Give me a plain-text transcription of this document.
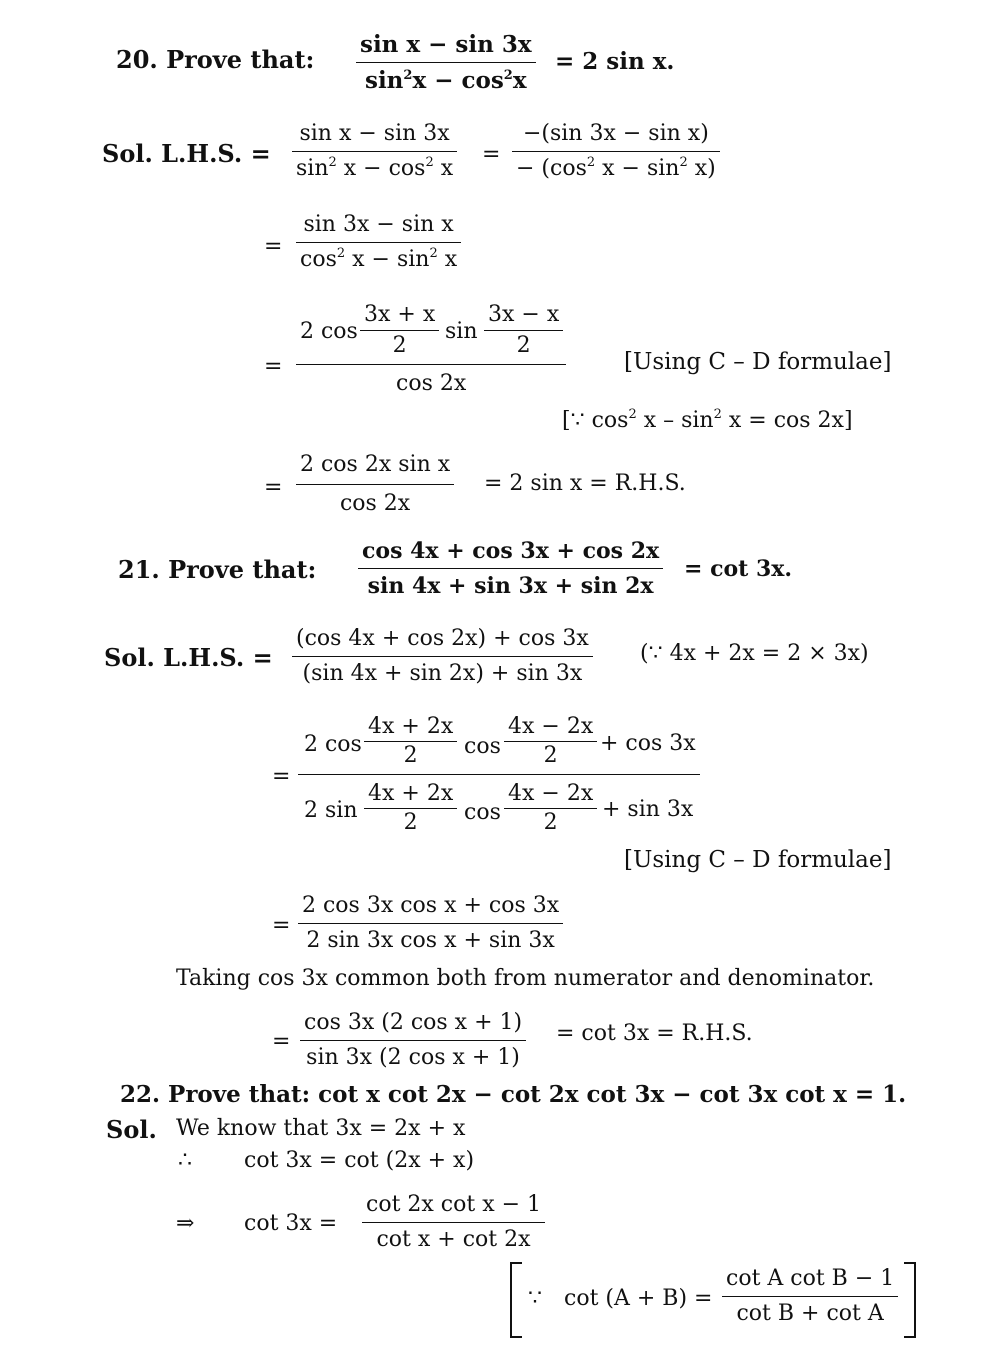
20. Prove that:
sin x − sin 3x
$\sin^2x - \cos^2x$
= 2 sin x.
Sol. L.H.S. =
sin x − sin 3x
$\sin^2 x - \cos^2 x$
=
−(sin 3x − sin x)
− ($\cos^2$ $x - \sin^2 x$)
=
sin 3x − sin x
$\cos^2 x - \sin^2 x$
=
2 cos
3x + x
2
sin
3x − x
2
cos 2x
[Using C – D formulae]
[∵ $\cos^2 x - \sin^2 x = \cos 2x$]
=
2 cos 2x sin x
cos 2x
= 2 sin x = R.H.S.
21. Prove that:
cos 4x + cos 3x + cos 2x
sin 4x + sin 3x + sin 2x
= cot 3x.
Sol. L.H.S. =
(cos 4x + cos 2x) + cos 3x
(sin 4x + sin 2x) + sin 3x
(∵ 4x + 2x = 2 × 3x)
=
2 cos
4x + 2x
2 cos
4x − 2x
2 + cos 3x
2 sin
4x + 2x
2 cos
4x − 2x
2
+ sin 3x
[Using C – D formulae]
=
2 cos 3x cos x + cos 3x
2 sin 3x cos x + sin 3x
Taking cos 3x common both from numerator and denominator.
=
cos 3x (2 cos x + 1)
sin 3x (2 cos x + 1)
= cot 3x = R.H.S.
22. Prove that: cot x cot 2x − cot 2x cot 3x − cot 3x cot x = 1.
Sol. We know that 3x = 2x + x
∴ cot 3x = cot (2x + x)
⇒ cot 3x =
cot 2x cot x − 1
cot x + cot 2x
∵ cot (A + B) =
cot A cot B − 1
cot B + cot A
